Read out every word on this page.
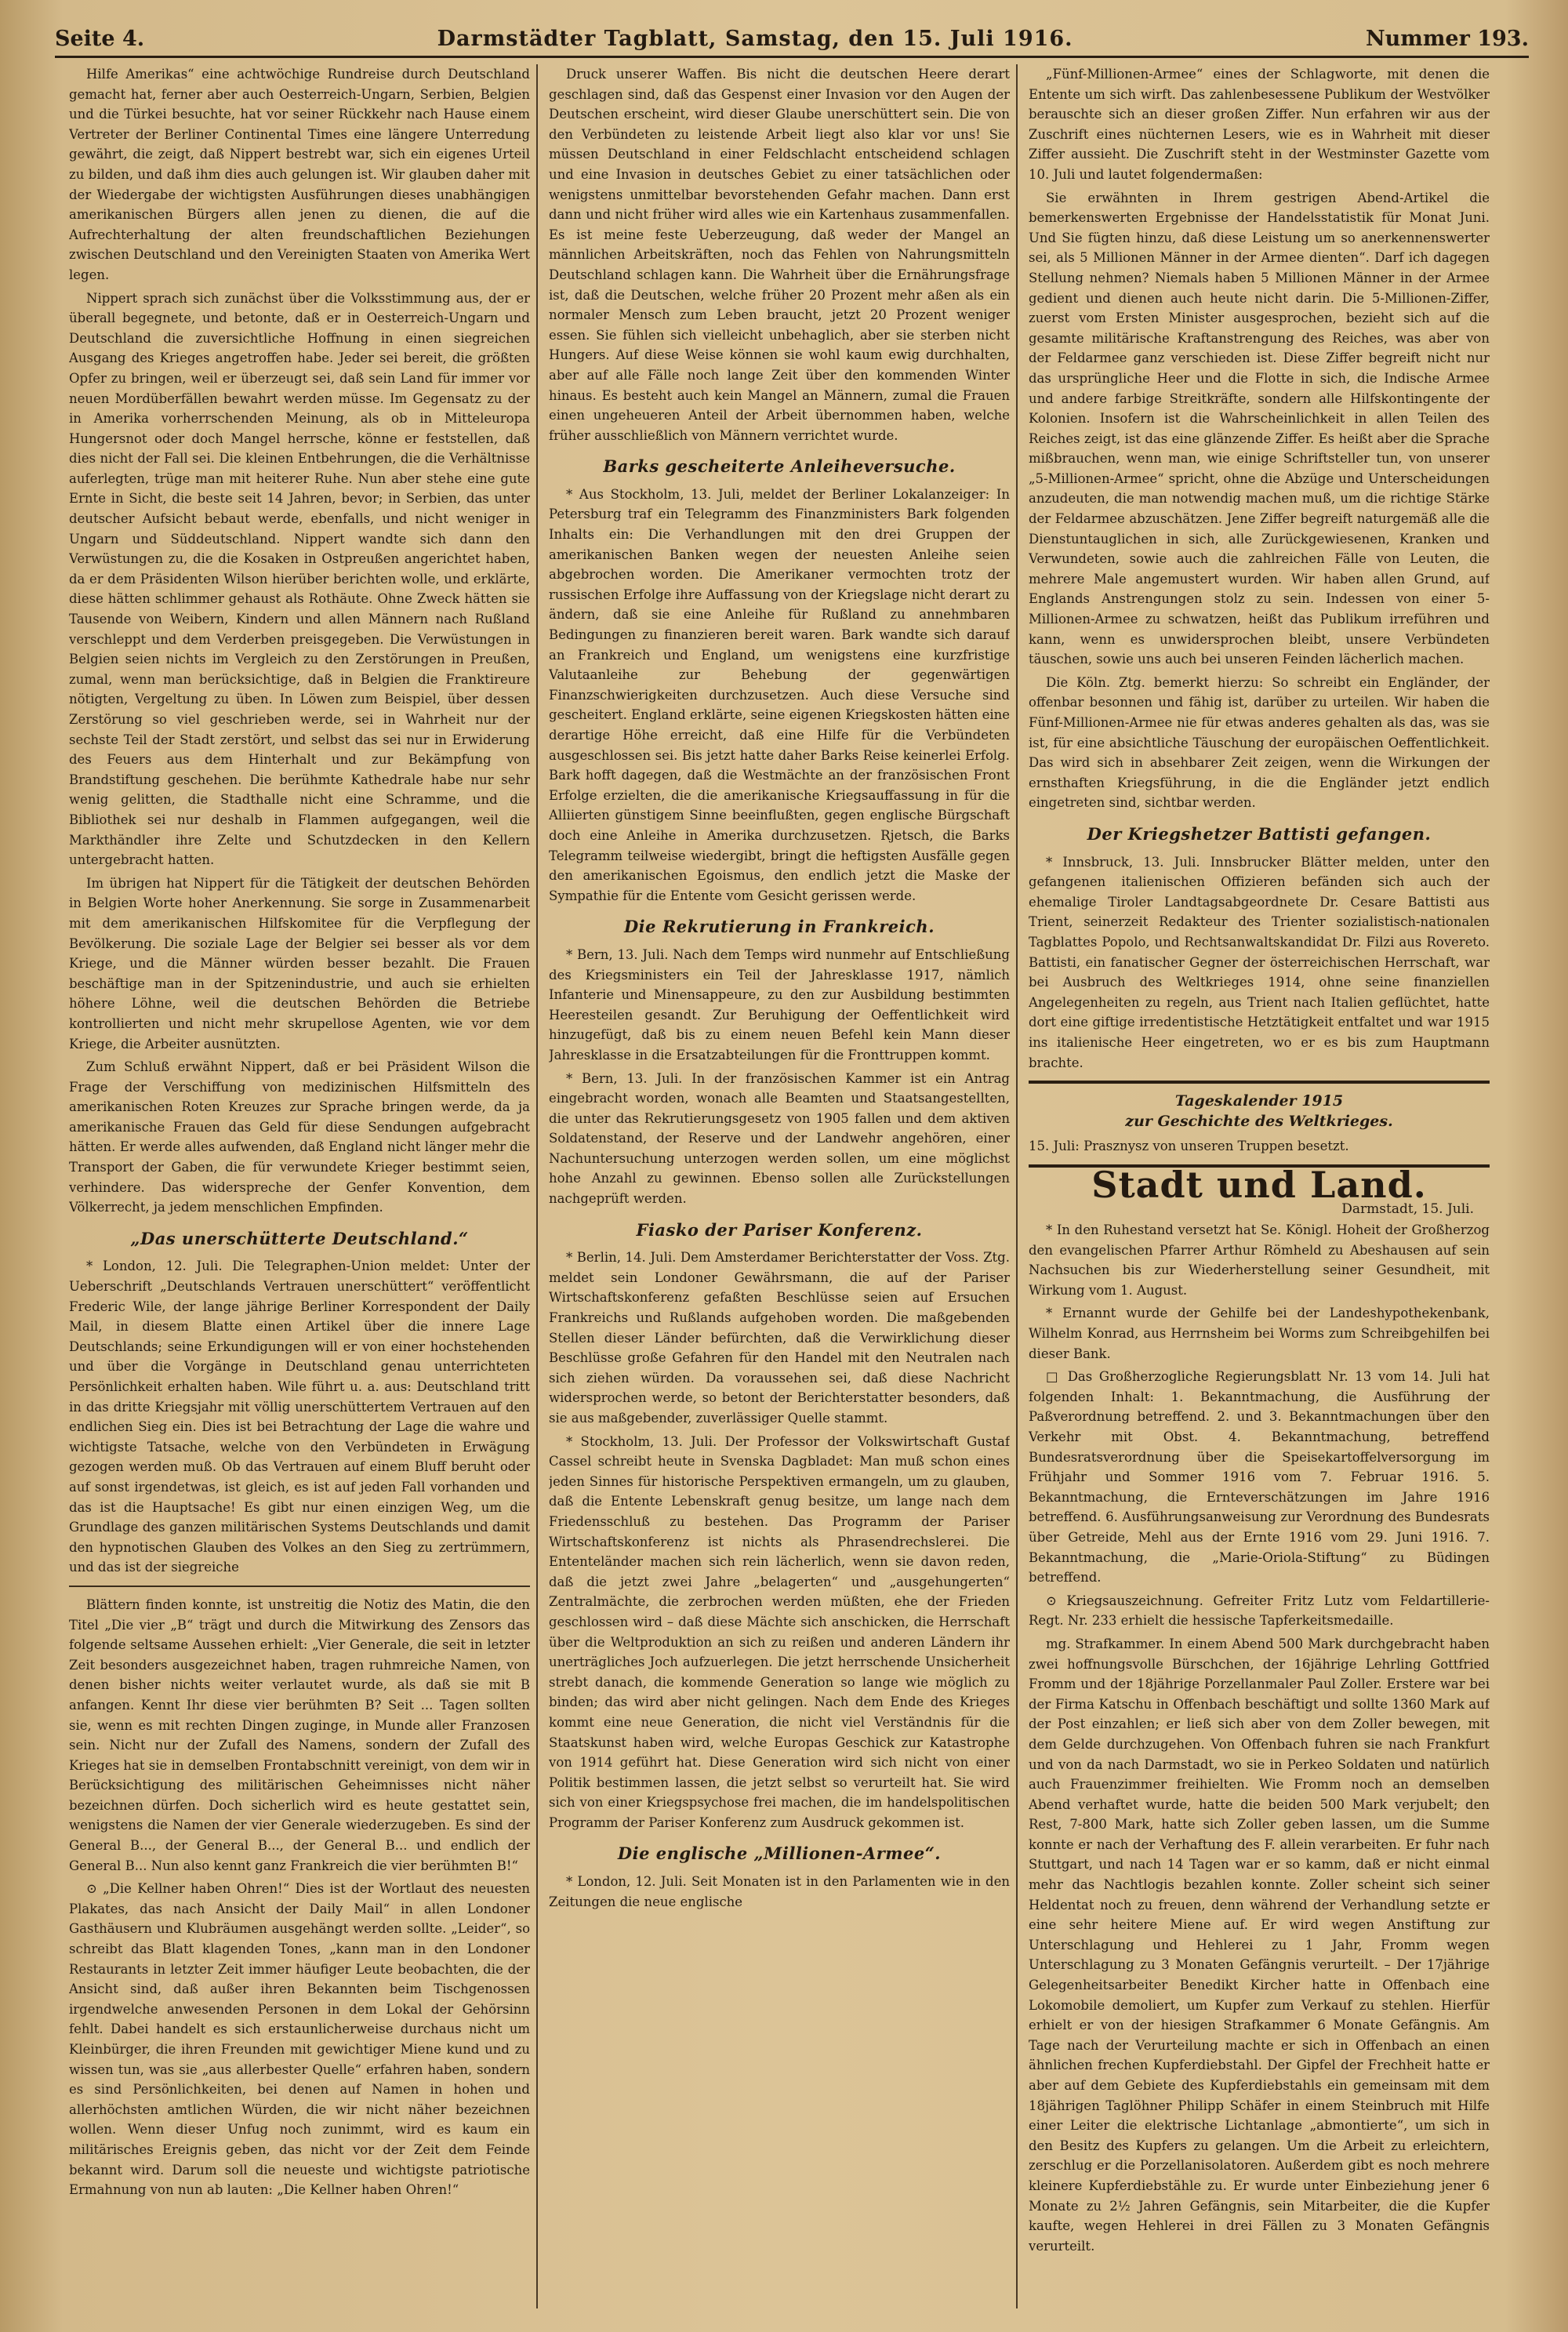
Seite 4.	Darmstädter Tagblatt, Samstag, den 15. Juli 1916.	Nummer 193.

Hilfe Amerikas“ eine achtwöchige Rundreise durch Deutschland gemacht hat, ferner aber auch Oesterreich-Ungarn, Serbien, Belgien und die Türkei besuchte, hat vor seiner Rückkehr nach Hause einem Vertreter der Berliner Continental Times eine längere Unterredung gewährt, die zeigt, daß Nippert bestrebt war, sich ein eigenes Urteil zu bilden, und daß ihm dies auch gelungen ist. Wir glauben daher mit der Wiedergabe der wichtigsten Ausführungen dieses unabhängigen amerikanischen Bürgers allen jenen zu dienen, die auf die Aufrechterhaltung der alten freundschaftlichen Beziehungen zwischen Deutschland und den Vereinigten Staaten von Amerika Wert legen.

Nippert sprach sich zunächst über die Volksstimmung aus, der er überall begegnete, und betonte, daß er in Oesterreich-Ungarn und Deutschland die zuversichtliche Hoffnung in einen siegreichen Ausgang des Krieges angetroffen habe. Jeder sei bereit, die größten Opfer zu bringen, weil er überzeugt sei, daß sein Land für immer vor neuen Mordüberfällen bewahrt werden müsse. Im Gegensatz zu der in Amerika vorherrschenden Meinung, als ob in Mitteleuropa Hungersnot oder doch Mangel herrsche, könne er feststellen, daß dies nicht der Fall sei. Die kleinen Entbehrungen, die die Verhältnisse auferlegten, trüge man mit heiterer Ruhe. Nun aber stehe eine gute Ernte in Sicht, die beste seit 14 Jahren, bevor; in Serbien, das unter deutscher Aufsicht bebaut werde, ebenfalls, und nicht weniger in Ungarn und Süddeutschland. Nippert wandte sich dann den Verwüstungen zu, die die Kosaken in Ostpreußen angerichtet haben, da er dem Präsidenten Wilson hierüber berichten wolle, und erklärte, diese hätten schlimmer gehaust als Rothäute. Ohne Zweck hätten sie Tausende von Weibern, Kindern und allen Männern nach Rußland verschleppt und dem Verderben preisgegeben. Die Verwüstungen in Belgien seien nichts im Vergleich zu den Zerstörungen in Preußen, zumal, wenn man berücksichtige, daß in Belgien die Franktireure nötigten, Vergeltung zu üben. In Löwen zum Beispiel, über dessen Zerstörung so viel geschrieben werde, sei in Wahrheit nur der sechste Teil der Stadt zerstört, und selbst das sei nur in Erwiderung des Feuers aus dem Hinterhalt und zur Bekämpfung von Brandstiftung geschehen. Die berühmte Kathedrale habe nur sehr wenig gelitten, die Stadthalle nicht eine Schramme, und die Bibliothek sei nur deshalb in Flammen aufgegangen, weil die Markthändler ihre Zelte und Schutzdecken in den Kellern untergebracht hatten.

Im übrigen hat Nippert für die Tätigkeit der deutschen Behörden in Belgien Worte hoher Anerkennung. Sie sorge in Zusammenarbeit mit dem amerikanischen Hilfskomitee für die Verpflegung der Bevölkerung. Die soziale Lage der Belgier sei besser als vor dem Kriege, und die Männer würden besser bezahlt. Die Frauen beschäftige man in der Spitzenindustrie, und auch sie erhielten höhere Löhne, weil die deutschen Behörden die Betriebe kontrollierten und nicht mehr skrupellose Agenten, wie vor dem Kriege, die Arbeiter ausnützten.

Zum Schluß erwähnt Nippert, daß er bei Präsident Wilson die Frage der Verschiffung von medizinischen Hilfsmitteln des amerikanischen Roten Kreuzes zur Sprache bringen werde, da ja amerikanische Frauen das Geld für diese Sendungen aufgebracht hätten. Er werde alles aufwenden, daß England nicht länger mehr die Transport der Gaben, die für verwundete Krieger bestimmt seien, verhindere. Das widerspreche der Genfer Konvention, dem Völkerrecht, ja jedem menschlichen Empfinden.

„Das unerschütterte Deutschland.“

* London, 12. Juli. Die Telegraphen-Union meldet: Unter der Ueberschrift „Deutschlands Vertrauen unerschüttert“ veröffentlicht Frederic Wile, der lange jährige Berliner Korrespondent der Daily Mail, in diesem Blatte einen Artikel über die innere Lage Deutschlands; seine Erkundigungen will er von einer hochstehenden und über die Vorgänge in Deutschland genau unterrichteten Persönlichkeit erhalten haben. Wile führt u. a. aus: Deutschland tritt in das dritte Kriegsjahr mit völlig unerschüttertem Vertrauen auf den endlichen Sieg ein. Dies ist bei Betrachtung der Lage die wahre und wichtigste Tatsache, welche von den Verbündeten in Erwägung gezogen werden muß. Ob das Vertrauen auf einem Bluff beruht oder auf sonst irgendetwas, ist gleich, es ist auf jeden Fall vorhanden und das ist die Hauptsache! Es gibt nur einen einzigen Weg, um die Grundlage des ganzen militärischen Systems Deutschlands und damit den hypnotischen Glauben des Volkes an den Sieg zu zertrümmern, und das ist der siegreiche

Blättern finden konnte, ist unstreitig die Notiz des Matin, die den Titel „Die vier „B“ trägt und durch die Mitwirkung des Zensors das folgende seltsame Aussehen erhielt: „Vier Generale, die seit in letzter Zeit besonders ausgezeichnet haben, tragen ruhmreiche Namen, von denen bisher nichts weiter verlautet wurde, als daß sie mit B anfangen. Kennt Ihr diese vier berühmten B? Seit ... Tagen sollten sie, wenn es mit rechten Dingen zuginge, in Munde aller Franzosen sein. Nicht nur der Zufall des Namens, sondern der Zufall des Krieges hat sie in demselben Frontabschnitt vereinigt, von dem wir in Berücksichtigung des militärischen Geheimnisses nicht näher bezeichnen dürfen. Doch sicherlich wird es heute gestattet sein, wenigstens die Namen der vier Generale wiederzugeben. Es sind der General B..., der General B..., der General B... und endlich der General B... Nun also kennt ganz Frankreich die vier berühmten B!“

⊙ „Die Kellner haben Ohren!“ Dies ist der Wortlaut des neuesten Plakates, das nach Ansicht der Daily Mail“ in allen Londoner Gasthäusern und Klubräumen ausgehängt werden sollte. „Leider“, so schreibt das Blatt klagenden Tones, „kann man in den Londoner Restaurants in letzter Zeit immer häufiger Leute beobachten, die der Ansicht sind, daß außer ihren Bekannten beim Tischgenossen irgendwelche anwesenden Personen in dem Lokal der Gehörsinn fehlt. Dabei handelt es sich erstaunlicherweise durchaus nicht um Kleinbürger, die ihren Freunden mit gewichtiger Miene kund und zu wissen tun, was sie „aus allerbester Quelle“ erfahren haben, sondern es sind Persönlichkeiten, bei denen auf Namen in hohen und allerhöchsten amtlichen Würden, die wir nicht näher bezeichnen wollen. Wenn dieser Unfug noch zunimmt, wird es kaum ein militärisches Ereignis geben, das nicht vor der Zeit dem Feinde bekannt wird. Darum soll die neueste und wichtigste patriotische Ermahnung von nun ab lauten: „Die Kellner haben Ohren!“

Druck unserer Waffen. Bis nicht die deutschen Heere derart geschlagen sind, daß das Gespenst einer Invasion vor den Augen der Deutschen erscheint, wird dieser Glaube unerschüttert sein. Die von den Verbündeten zu leistende Arbeit liegt also klar vor uns! Sie müssen Deutschland in einer Feldschlacht entscheidend schlagen und eine Invasion in deutsches Gebiet zu einer tatsächlichen oder wenigstens unmittelbar bevorstehenden Gefahr machen. Dann erst dann und nicht früher wird alles wie ein Kartenhaus zusammenfallen. Es ist meine feste Ueberzeugung, daß weder der Mangel an männlichen Arbeitskräften, noch das Fehlen von Nahrungsmitteln Deutschland schlagen kann. Die Wahrheit über die Ernährungsfrage ist, daß die Deutschen, welche früher 20 Prozent mehr aßen als ein normaler Mensch zum Leben braucht, jetzt 20 Prozent weniger essen. Sie fühlen sich vielleicht unbehaglich, aber sie sterben nicht Hungers. Auf diese Weise können sie wohl kaum ewig durchhalten, aber auf alle Fälle noch lange Zeit über den kommenden Winter hinaus. Es besteht auch kein Mangel an Männern, zumal die Frauen einen ungeheueren Anteil der Arbeit übernommen haben, welche früher ausschließlich von Männern verrichtet wurde.

Barks gescheiterte Anleiheversuche.

* Aus Stockholm, 13. Juli, meldet der Berliner Lokalanzeiger: In Petersburg traf ein Telegramm des Finanzministers Bark folgenden Inhalts ein: Die Verhandlungen mit den drei Gruppen der amerikanischen Banken wegen der neuesten Anleihe seien abgebrochen worden. Die Amerikaner vermochten trotz der russischen Erfolge ihre Auffassung von der Kriegslage nicht derart zu ändern, daß sie eine Anleihe für Rußland zu annehmbaren Bedingungen zu finanzieren bereit waren. Bark wandte sich darauf an Frankreich und England, um wenigstens eine kurzfristige Valutaanleihe zur Behebung der gegenwärtigen Finanzschwierigkeiten durchzusetzen. Auch diese Versuche sind gescheitert. England erklärte, seine eigenen Kriegskosten hätten eine derartige Höhe erreicht, daß eine Hilfe für die Verbündeten ausgeschlossen sei. Bis jetzt hatte daher Barks Reise keinerlei Erfolg. Bark hofft dagegen, daß die Westmächte an der französischen Front Erfolge erzielten, die die amerikanische Kriegsauffassung in für die Alliierten günstigem Sinne beeinflußten, gegen englische Bürgschaft doch eine Anleihe in Amerika durchzusetzen. Rjetsch, die Barks Telegramm teilweise wiedergibt, bringt die heftigsten Ausfälle gegen den amerikanischen Egoismus, den endlich jetzt die Maske der Sympathie für die Entente vom Gesicht gerissen werde.

Die Rekrutierung in Frankreich.

* Bern, 13. Juli. Nach dem Temps wird nunmehr auf Entschließung des Kriegsministers ein Teil der Jahresklasse 1917, nämlich Infanterie und Minensappeure, zu den zur Ausbildung bestimmten Heeresteilen gesandt. Zur Beruhigung der Oeffentlichkeit wird hinzugefügt, daß bis zu einem neuen Befehl kein Mann dieser Jahresklasse in die Ersatzabteilungen für die Fronttruppen kommt.

* Bern, 13. Juli. In der französischen Kammer ist ein Antrag eingebracht worden, wonach alle Beamten und Staatsangestellten, die unter das Rekrutierungsgesetz von 1905 fallen und dem aktiven Soldatenstand, der Reserve und der Landwehr angehören, einer Nachuntersuchung unterzogen werden sollen, um eine möglichst hohe Anzahl zu gewinnen. Ebenso sollen alle Zurückstellungen nachgeprüft werden.

Fiasko der Pariser Konferenz.

* Berlin, 14. Juli. Dem Amsterdamer Berichterstatter der Voss. Ztg. meldet sein Londoner Gewährsmann, die auf der Pariser Wirtschaftskonferenz gefaßten Beschlüsse seien auf Ersuchen Frankreichs und Rußlands aufgehoben worden. Die maßgebenden Stellen dieser Länder befürchten, daß die Verwirklichung dieser Beschlüsse große Gefahren für den Handel mit den Neutralen nach sich ziehen würden. Da voraussehen sei, daß diese Nachricht widersprochen werde, so betont der Berichterstatter besonders, daß sie aus maßgebender, zuverlässiger Quelle stammt.

* Stockholm, 13. Juli. Der Professor der Volkswirtschaft Gustaf Cassel schreibt heute in Svenska Dagbladet: Man muß schon eines jeden Sinnes für historische Perspektiven ermangeln, um zu glauben, daß die Entente Lebenskraft genug besitze, um lange nach dem Friedensschluß zu bestehen. Das Programm der Pariser Wirtschaftskonferenz ist nichts als Phrasendrechslerei. Die Ententeländer machen sich rein lächerlich, wenn sie davon reden, daß die jetzt zwei Jahre „belagerten“ und „ausgehungerten“ Zentralmächte, die zerbrochen werden müßten, ehe der Frieden geschlossen wird – daß diese Mächte sich anschicken, die Herrschaft über die Weltproduktion an sich zu reißen und anderen Ländern ihr unerträgliches Joch aufzuerlegen. Die jetzt herrschende Unsicherheit strebt danach, die kommende Generation so lange wie möglich zu binden; das wird aber nicht gelingen. Nach dem Ende des Krieges kommt eine neue Generation, die nicht viel Verständnis für die Staatskunst haben wird, welche Europas Geschick zur Katastrophe von 1914 geführt hat. Diese Generation wird sich nicht von einer Politik bestimmen lassen, die jetzt selbst so verurteilt hat. Sie wird sich von einer Kriegspsychose frei machen, die im handelspolitischen Programm der Pariser Konferenz zum Ausdruck gekommen ist.

Die englische „Millionen-Armee“.

* London, 12. Juli. Seit Monaten ist in den Parlamenten wie in den Zeitungen die neue englische

„Fünf-Millionen-Armee“ eines der Schlagworte, mit denen die Entente um sich wirft. Das zahlenbesessene Publikum der Westvölker berauschte sich an dieser großen Ziffer. Nun erfahren wir aus der Zuschrift eines nüchternen Lesers, wie es in Wahrheit mit dieser Ziffer aussieht. Die Zuschrift steht in der Westminster Gazette vom 10. Juli und lautet folgendermaßen:

Sie erwähnten in Ihrem gestrigen Abend-Artikel die bemerkenswerten Ergebnisse der Handelsstatistik für Monat Juni. Und Sie fügten hinzu, daß diese Leistung um so anerkennenswerter sei, als 5 Millionen Männer in der Armee dienten“. Darf ich dagegen Stellung nehmen? Niemals haben 5 Millionen Männer in der Armee gedient und dienen auch heute nicht darin. Die 5-Millionen-Ziffer, zuerst vom Ersten Minister ausgesprochen, bezieht sich auf die gesamte militärische Kraftanstrengung des Reiches, was aber von der Feldarmee ganz verschieden ist. Diese Ziffer begreift nicht nur das ursprüngliche Heer und die Flotte in sich, die Indische Armee und andere farbige Streitkräfte, sondern alle Hilfskontingente der Kolonien. Insofern ist die Wahrscheinlichkeit in allen Teilen des Reiches zeigt, ist das eine glänzende Ziffer. Es heißt aber die Sprache mißbrauchen, wenn man, wie einige Schriftsteller tun, von unserer „5-Millionen-Armee“ spricht, ohne die Abzüge und Unterscheidungen anzudeuten, die man notwendig machen muß, um die richtige Stärke der Feldarmee abzuschätzen. Jene Ziffer begreift naturgemäß alle die Dienstuntauglichen in sich, alle Zurückgewiesenen, Kranken und Verwundeten, sowie auch die zahlreichen Fälle von Leuten, die mehrere Male angemustert wurden. Wir haben allen Grund, auf Englands Anstrengungen stolz zu sein. Indessen von einer 5-Millionen-Armee zu schwatzen, heißt das Publikum irreführen und kann, wenn es unwidersprochen bleibt, unsere Verbündeten täuschen, sowie uns auch bei unseren Feinden lächerlich machen.

Die Köln. Ztg. bemerkt hierzu: So schreibt ein Engländer, der offenbar besonnen und fähig ist, darüber zu urteilen. Wir haben die Fünf-Millionen-Armee nie für etwas anderes gehalten als das, was sie ist, für eine absichtliche Täuschung der europäischen Oeffentlichkeit. Das wird sich in absehbarer Zeit zeigen, wenn die Wirkungen der ernsthaften Kriegsführung, in die die Engländer jetzt endlich eingetreten sind, sichtbar werden.

Der Kriegshetzer Battisti gefangen.

* Innsbruck, 13. Juli. Innsbrucker Blätter melden, unter den gefangenen italienischen Offizieren befänden sich auch der ehemalige Tiroler Landtagsabgeordnete Dr. Cesare Battisti aus Trient, seinerzeit Redakteur des Trienter sozialistisch-nationalen Tagblattes Popolo, und Rechtsanwaltskandidat Dr. Filzi aus Rovereto. Battisti, ein fanatischer Gegner der österreichischen Herrschaft, war bei Ausbruch des Weltkrieges 1914, ohne seine finanziellen Angelegenheiten zu regeln, aus Trient nach Italien geflüchtet, hatte dort eine giftige irredentistische Hetztätigkeit entfaltet und war 1915 ins italienische Heer eingetreten, wo er es bis zum Hauptmann brachte.

Tageskalender 1915
zur Geschichte des Weltkrieges.
15. Juli: Praszny​sz von unseren Truppen besetzt.
Stadt und Land.
Darmstadt, 15. Juli.

* In den Ruhestand versetzt hat Se. Königl. Hoheit der Großherzog den evangelischen Pfarrer Arthur Römheld zu Abeshausen auf sein Nachsuchen bis zur Wiederherstellung seiner Gesundheit, mit Wirkung vom 1. August.

* Ernannt wurde der Gehilfe bei der Landeshypothekenbank, Wilhelm Konrad, aus Herrnsheim bei Worms zum Schreibgehilfen bei dieser Bank.

□ Das Großherzogliche Regierungsblatt Nr. 13 vom 14. Juli hat folgenden Inhalt: 1. Bekanntmachung, die Ausführung der Paßverordnung betreffend. 2. und 3. Bekanntmachungen über den Verkehr mit Obst. 4. Bekanntmachung, betreffend Bundesratsverordnung über die Speisekartoffelversorgung im Frühjahr und Sommer 1916 vom 7. Februar 1916. 5. Bekanntmachung, die Ernteverschätzungen im Jahre 1916 betreffend. 6. Ausführungsanweisung zur Verordnung des Bundesrats über Getreide, Mehl aus der Ernte 1916 vom 29. Juni 1916. 7. Bekanntmachung, die „Marie-Oriola-Stiftung“ zu Büdingen betreffend.

⊙ Kriegsauszeichnung. Gefreiter Fritz Lutz vom Feldartillerie-Regt. Nr. 233 erhielt die hessische Tapferkeitsmedaille.

mg. Strafkammer. In einem Abend 500 Mark durchgebracht haben zwei hoffnungsvolle Bürschchen, der 16jährige Lehrling Gottfried Fromm und der 18jährige Porzellanmaler Paul Zoller. Erstere war bei der Firma Katschu in Offenbach beschäftigt und sollte 1360 Mark auf der Post einzahlen; er ließ sich aber von dem Zoller bewegen, mit dem Gelde durchzugehen. Von Offenbach fuhren sie nach Frankfurt und von da nach Darmstadt, wo sie in Perkeo Soldaten und natürlich auch Frauenzimmer freihielten. Wie Fromm noch an demselben Abend verhaftet wurde, hatte die beiden 500 Mark verjubelt; den Rest, 7-800 Mark, hatte sich Zoller geben lassen, um die Summe konnte er nach der Verhaftung des F. allein verarbeiten. Er fuhr nach Stuttgart, und nach 14 Tagen war er so kamm, daß er nicht einmal mehr das Nachtlogis bezahlen konnte. Zoller scheint sich seiner Heldentat noch zu freuen, denn während der Verhandlung setzte er eine sehr heitere Miene auf. Er wird wegen Anstiftung zur Unterschlagung und Hehlerei zu 1 Jahr, Fromm wegen Unterschlagung zu 3 Monaten Gefängnis verurteilt. – Der 17jährige Gelegenheitsarbeiter Benedikt Kircher hatte in Offenbach eine Lokomobile demoliert, um Kupfer zum Verkauf zu stehlen. Hierfür erhielt er von der hiesigen Strafkammer 6 Monate Gefängnis. Am Tage nach der Verurteilung machte er sich in Offenbach an einen ähnlichen frechen Kupferdiebstahl. Der Gipfel der Frechheit hatte er aber auf dem Gebiete des Kupferdiebstahls ein gemeinsam mit dem 18jährigen Taglöhner Philipp Schäfer in einem Steinbruch mit Hilfe einer Leiter die elektrische Lichtanlage „abmontierte“, um sich in den Besitz des Kupfers zu gelangen. Um die Arbeit zu erleichtern, zerschlug er die Porzellanisolatoren. Außerdem gibt es noch mehrere kleinere Kupferdiebstähle zu. Er wurde unter Einbeziehung jener 6 Monate zu 2½ Jahren Gefängnis, sein Mitarbeiter, die die Kupfer kaufte, wegen Hehlerei in drei Fällen zu 3 Monaten Gefängnis verurteilt.
